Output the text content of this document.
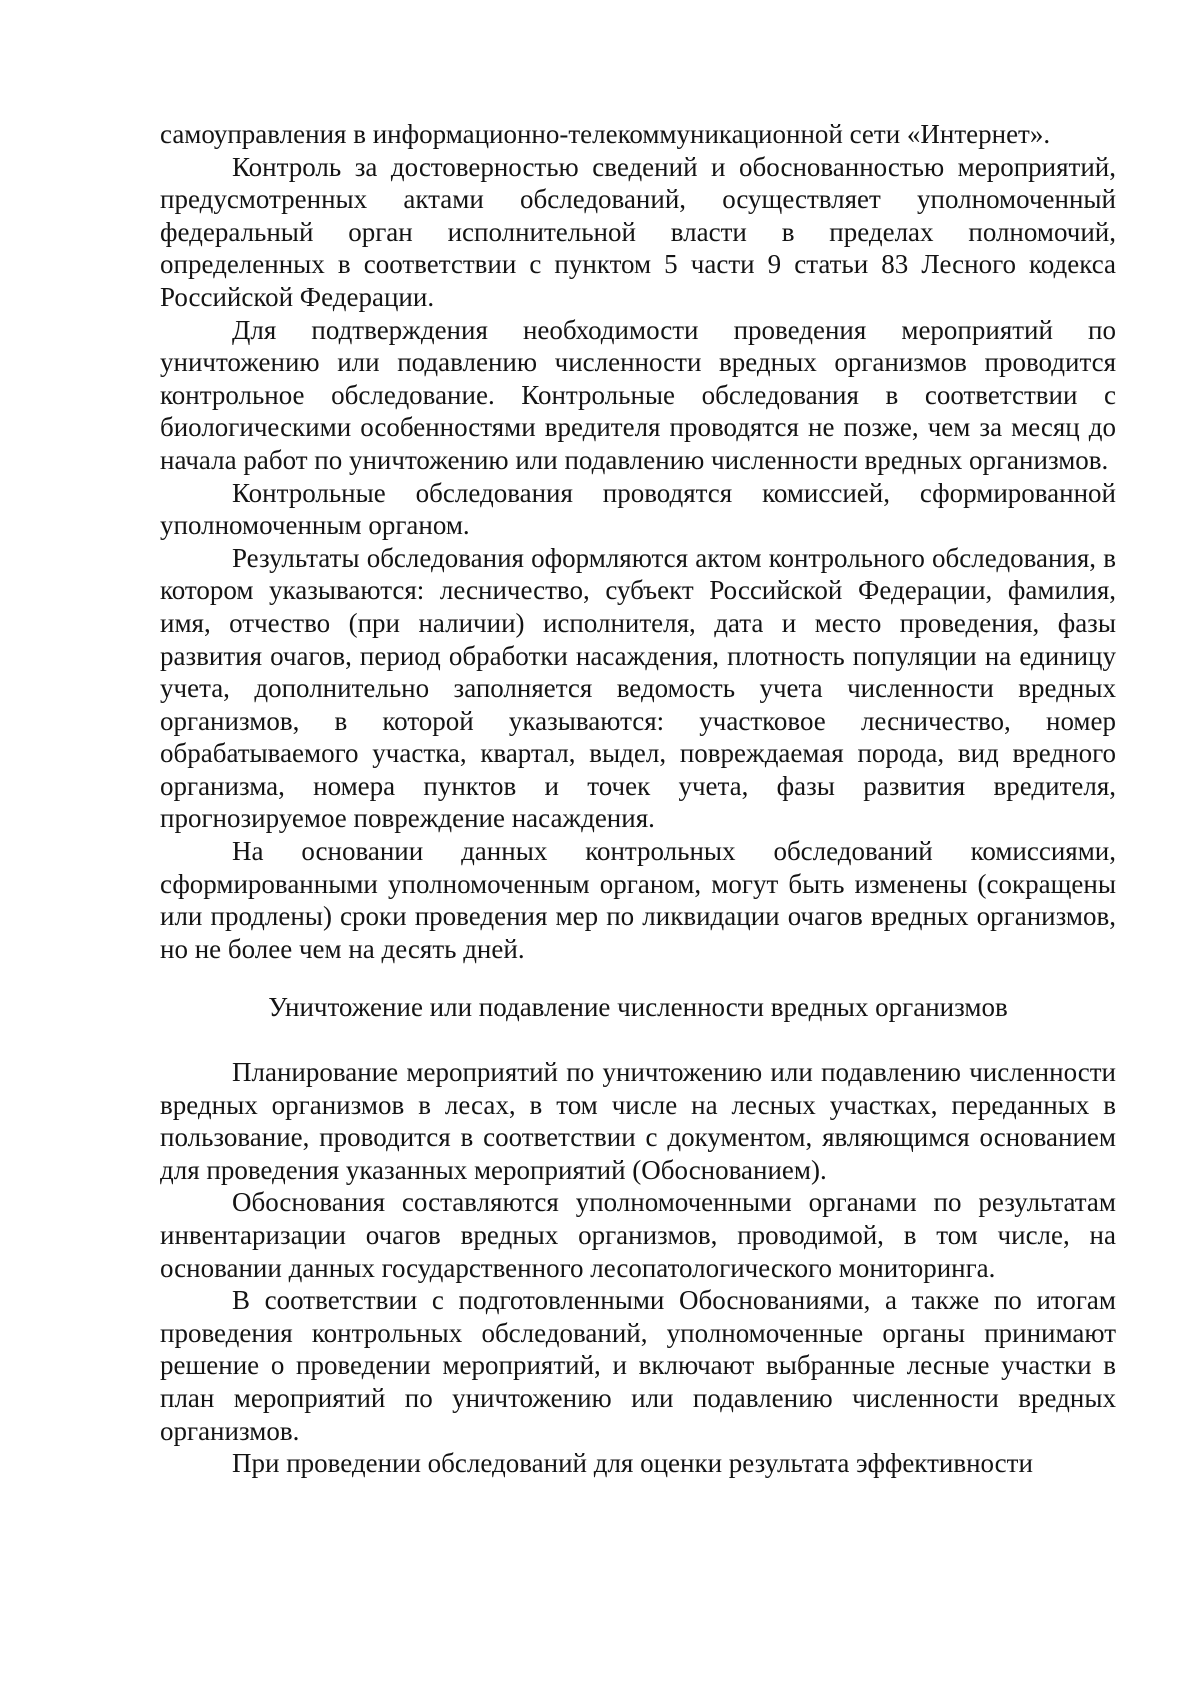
самоуправления в информационно-телекоммуникационной сети «Интернет».

Контроль за достоверностью сведений и обоснованностью мероприятий, предусмотренных актами обследований, осуществляет уполномоченный федеральный орган исполнительной власти в пределах полномочий, определенных в соответствии с пунктом 5 части 9 статьи 83 Лесного кодекса Российской Федерации.

Для подтверждения необходимости проведения мероприятий по уничтожению или подавлению численности вредных организмов проводится контрольное обследование. Контрольные обследования в соответствии с биологическими особенностями вредителя проводятся не позже, чем за месяц до начала работ по уничтожению или подавлению численности вредных организмов.

Контрольные обследования проводятся комиссией, сформированной уполномоченным органом.

Результаты обследования оформляются актом контрольного обследования, в котором указываются: лесничество, субъект Российской Федерации, фамилия, имя, отчество (при наличии) исполнителя, дата и место проведения, фазы развития очагов, период обработки насаждения, плотность популяции на единицу учета, дополнительно заполняется ведомость учета численности вредных организмов, в которой указываются: участковое лесничество, номер обрабатываемого участка, квартал, выдел, повреждаемая порода, вид вредного организма, номера пунктов и точек учета, фазы развития вредителя, прогнозируемое повреждение насаждения.

На основании данных контрольных обследований комиссиями, сформированными уполномоченным органом, могут быть изменены (сокращены или продлены) сроки проведения мер по ликвидации очагов вредных организмов, но не более чем на десять дней.

Уничтожение или подавление численности вредных организмов

Планирование мероприятий по уничтожению или подавлению численности вредных организмов в лесах, в том числе на лесных участках, переданных в пользование, проводится в соответствии с документом, являющимся основанием для проведения указанных мероприятий (Обоснованием).

Обоснования составляются уполномоченными органами по результатам инвентаризации очагов вредных организмов, проводимой, в том числе, на основании данных государственного лесопатологического мониторинга.

В соответствии с подготовленными Обоснованиями, а также по итогам проведения контрольных обследований, уполномоченные органы принимают решение о проведении мероприятий, и включают выбранные лесные участки в план мероприятий по уничтожению или подавлению численности вредных организмов.

При проведении обследований для оценки результата эффективности
